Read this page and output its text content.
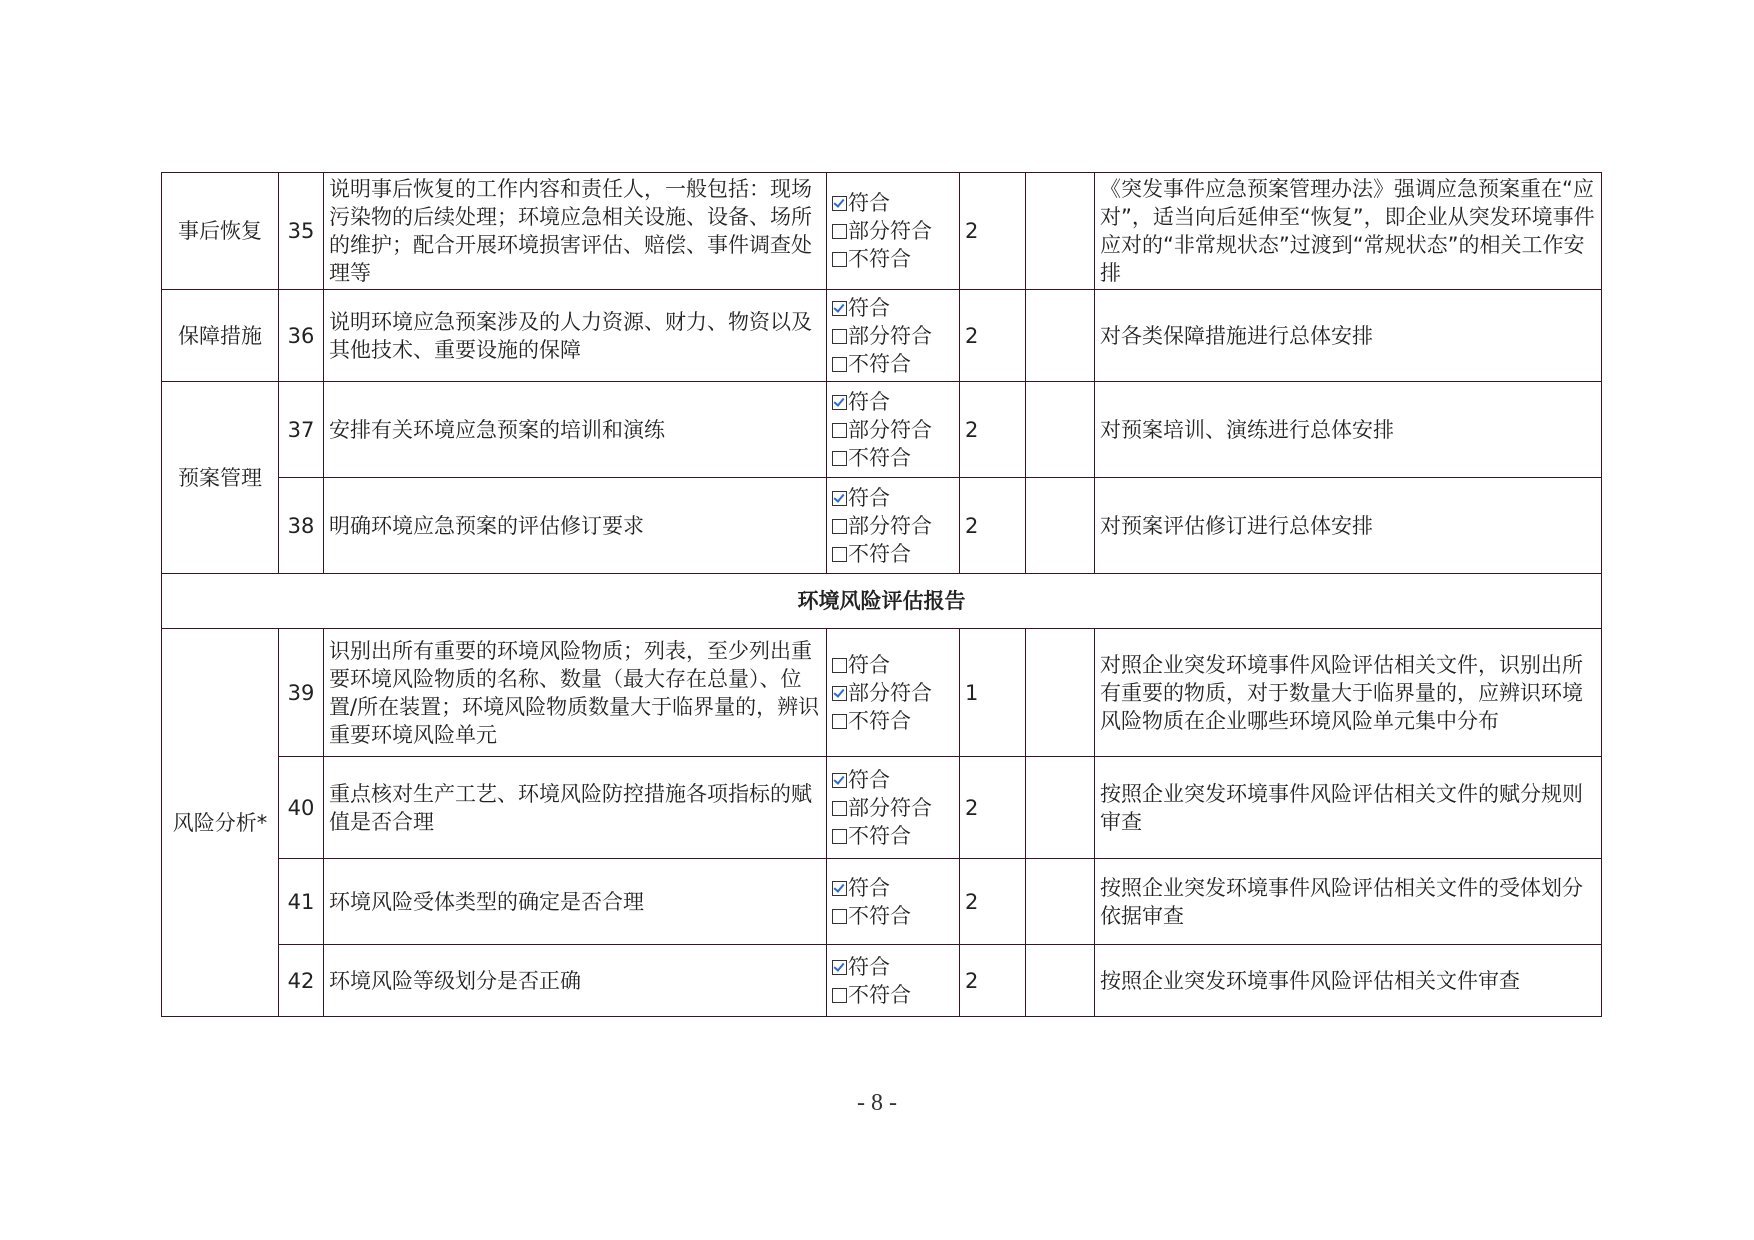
事后恢复	35	说明事后恢复的工作内容和责任人，一般包括：现场污染物的后续处理；环境应急相关设施、设备、场所的维护；配合开展环境损害评估、赔偿、事件调查处理等	符合
部分符合
不符合	2		《突发事件应急预案管理办法》强调应急预案重在“应对”，适当向后延伸至“恢复”，即企业从突发环境事件应对的“非常规状态”过渡到“常规状态”的相关工作安排
保障措施	36	说明环境应急预案涉及的人力资源、财力、物资以及其他技术、重要设施的保障	符合
部分符合
不符合	2		对各类保障措施进行总体安排
预案管理	37	安排有关环境应急预案的培训和演练	符合
部分符合
不符合	2		对预案培训、演练进行总体安排
	38	明确环境应急预案的评估修订要求	符合
部分符合
不符合	2		对预案评估修订进行总体安排
环境风险评估报告						
风险分析*	39	识别出所有重要的环境风险物质；列表，至少列出重要环境风险物质的名称、数量（最大存在总量）、位置/所在装置；环境风险物质数量大于临界量的，辨识重要环境风险单元	符合
部分符合
不符合	1		对照企业突发环境事件风险评估相关文件，识别出所有重要的物质，对于数量大于临界量的，应辨识环境风险物质在企业哪些环境风险单元集中分布
	40	重点核对生产工艺、环境风险防控措施各项指标的赋值是否合理	符合
部分符合
不符合	2		按照企业突发环境事件风险评估相关文件的赋分规则审查
	41	环境风险受体类型的确定是否合理	符合
不符合	2		按照企业突发环境事件风险评估相关文件的受体划分依据审查
	42	环境风险等级划分是否正确	符合
不符合	2		按照企业突发环境事件风险评估相关文件审查
- 8 -
